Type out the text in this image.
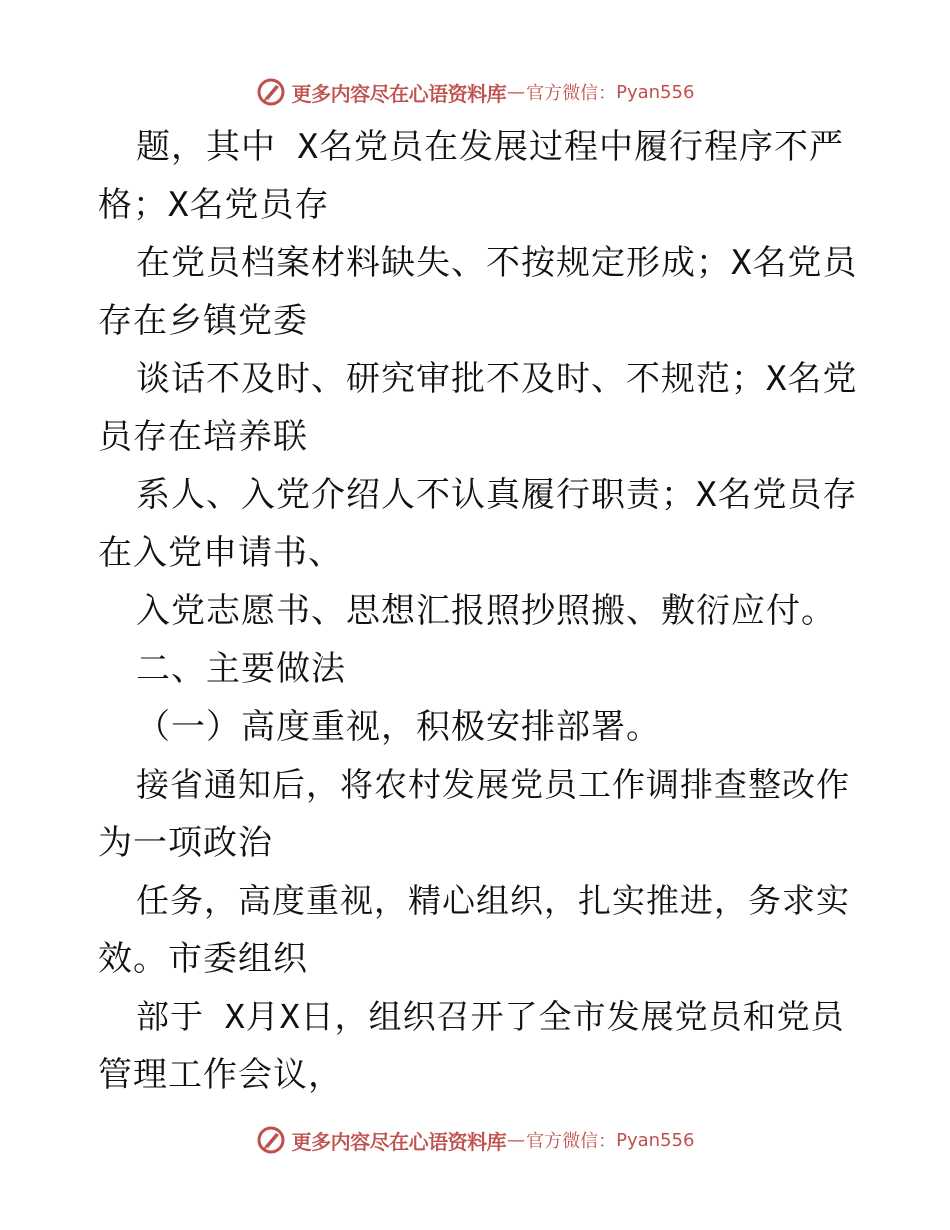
更多内容尽在心语资料库 — 官方微信： Pyan556
题，其中 X名党员在发展过程中履行程序不严
格；X名党员存
在党员档案材料缺失、不按规定形成；X名党员
存在乡镇党委
谈话不及时、研究审批不及时、不规范；X名党
员存在培养联
系人、入党介绍人不认真履行职责；X名党员存
在入党申请书、
入党志愿书、思想汇报照抄照搬、敷衍应付。
二、主要做法
（一）高度重视，积极安排部署。
接省通知后，将农村发展党员工作调排查整改作
为一项政治
任务，高度重视，精心组织，扎实推进，务求实
效。市委组织
部于 X月X日，组织召开了全市发展党员和党员
管理工作会议，
更多内容尽在心语资料库 — 官方微信： Pyan556
